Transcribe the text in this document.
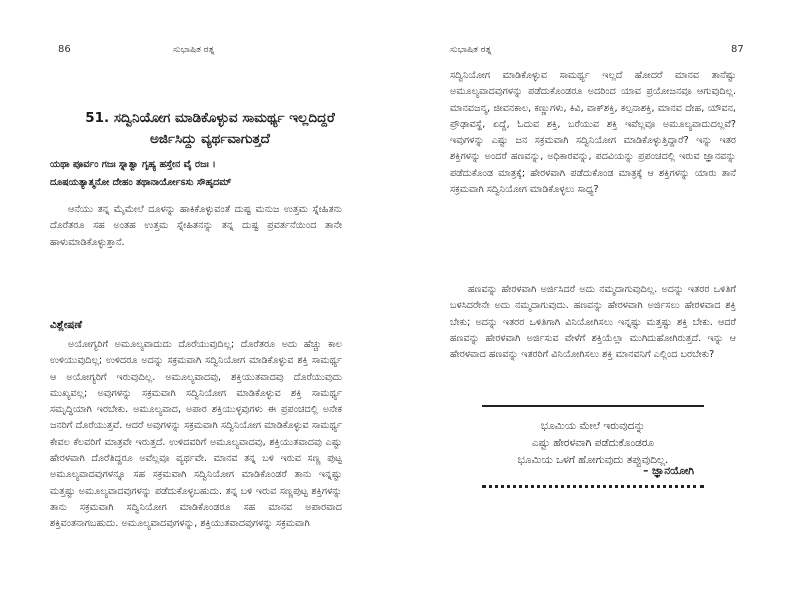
86	ಸುಭಾಷಿತ ರತ್ನ
51. ಸದ್ವಿನಿಯೋಗ ಮಾಡಿಕೊಳ್ಳುವ ಸಾಮರ್ಥ್ಯ ಇಲ್ಲದಿದ್ದರೆ
ಅರ್ಜಿಸಿದ್ದು ವ್ಯರ್ಥವಾಗುತ್ತದೆ
ಯಥಾ ಪೂರ್ವಂ ಗಜಃ ಸ್ನಾತ್ವಾ ಗೃಹ್ಯ ಹಸ್ತೇನ ವೈ ರಜಃ ।
ದೂಷಯತ್ಯಾತ್ಮನೋ ದೇಹಂ ತಥಾನಾರ್ಯೋಽಸು ಸೌಹೃದಮ್

ಆನೆಯು ತನ್ನ ಮೈಮೇಲೆ ದೂಳನ್ನು ಹಾಕಿಕೊಳ್ಳುವಂತೆ ದುಷ್ಟ ಮನುಜ ಉತ್ತಮ ಸ್ನೇಹಿತನು ದೊರೆತರೂ ಸಹ ಅಂತಹ ಉತ್ತಮ ಸ್ನೇಹಿತನನ್ನು ತನ್ನ ದುಷ್ಟ ಪ್ರವರ್ತನೆಯಿಂದ ತಾನೇ ಹಾಳುಮಾಡಿಕೊಳ್ಳುತ್ತಾನೆ.

ವಿಶ್ಲೇಷಣೆ

ಅಯೋಗ್ಯರಿಗೆ ಅಮೂಲ್ಯವಾದುದು ದೊರೆಯುವುದಿಲ್ಲ; ದೊರೆತರೂ ಅದು ಹೆಚ್ಚು ಕಾಲ ಉಳಿಯುವುದಿಲ್ಲ; ಉಳಿದರೂ ಅದನ್ನು ಸಕ್ರಮವಾಗಿ ಸದ್ವಿನಿಯೋಗ ಮಾಡಿಕೊಳ್ಳುವ ಶಕ್ತಿ ಸಾಮರ್ಥ್ಯ ಆ ಅಯೋಗ್ಯರಿಗೆ ಇರುವುದಿಲ್ಲ. ಅಮೂಲ್ಯವಾದವು, ಶಕ್ತಿಯುತವಾದವು ದೊರೆಯುವುದು ಮುಖ್ಯವಲ್ಲ; ಅವುಗಳನ್ನು ಸಕ್ರಮವಾಗಿ ಸದ್ವಿನಿಯೋಗ ಮಾಡಿಕೊಳ್ಳುವ ಶಕ್ತಿ ಸಾಮರ್ಥ್ಯ ಸಮೃದ್ಧಿಯಾಗಿ ಇರಬೇಕು. ಅಮೂಲ್ಯವಾದ, ಅಪಾರ ಶಕ್ತಿಯುಳ್ಳವುಗಳು ಈ ಪ್ರಪಂಚದಲ್ಲಿ ಅನೇಕ ಜನರಿಗೆ ದೊರೆಯುತ್ತವೆ. ಆದರೆ ಅವುಗಳನ್ನು ಸಕ್ರಮವಾಗಿ ಸದ್ವಿನಿಯೋಗ ಮಾಡಿಕೊಳ್ಳುವ ಸಾಮರ್ಥ್ಯ ಕೇವಲ ಕೆಲವರಿಗೆ ಮಾತ್ರವೇ ಇರುತ್ತದೆ. ಉಳಿದವರಿಗೆ ಅಮೂಲ್ಯವಾದವು, ಶಕ್ತಿಯುತವಾದವು ಎಷ್ಟು ಹೇರಳವಾಗಿ ದೊರೆತಿದ್ದರೂ ಅವೆಲ್ಲವೂ ವ್ಯರ್ಥವೇ. ಮಾನವ ತನ್ನ ಬಳಿ ಇರುವ ಸಣ್ಣ ಪುಟ್ಟ ಅಮೂಲ್ಯವಾದವುಗಳನ್ನೂ ಸಹ ಸಕ್ರಮವಾಗಿ ಸದ್ವಿನಿಯೋಗ ಮಾಡಿಕೊಂಡರೆ ತಾನು ಇನ್ನಷ್ಟು ಮತ್ತಷ್ಟು ಅಮೂಲ್ಯವಾದವುಗಳನ್ನು ಪಡೆದುಕೊಳ್ಳಬಹುದು. ತನ್ನ ಬಳಿ ಇರುವ ಸಣ್ಣಪುಟ್ಟ ಶಕ್ತಿಗಳನ್ನು ತಾನು ಸಕ್ರಮವಾಗಿ ಸದ್ವಿನಿಯೋಗ ಮಾಡಿಕೊಂಡರೂ ಸಹ ಮಾನವ ಅಪಾರವಾದ ಶಕ್ತಿವಂತನಾಗಬಹುದು. ಅಮೂಲ್ಯವಾದವುಗಳನ್ನು, ಶಕ್ತಿಯುತವಾದವುಗಳನ್ನು ಸಕ್ರಮವಾಗಿ

ಸುಭಾಷಿತ ರತ್ನ	87

ಸದ್ವಿನಿಯೋಗ ಮಾಡಿಕೊಳ್ಳುವ ಸಾಮರ್ಥ್ಯ ಇಲ್ಲದೆ ಹೋದರೆ ಮಾನವ ತಾನೆಷ್ಟು ಅಮೂಲ್ಯವಾದವುಗಳನ್ನು ಪಡೆದುಕೊಂಡರೂ ಅದರಿಂದ ಯಾವ ಪ್ರಯೋಜನವೂ ಆಗುವುದಿಲ್ಲ. ಮಾನವಜನ್ಮ, ಜೀವನಕಾಲ, ಕಣ್ಣುಗಳು, ಕಿವಿ, ವಾಕ್‌ಶಕ್ತಿ, ಕಲ್ಪನಾಶಕ್ತಿ, ಮಾನವ ದೇಹ, ಯೌವನ, ಪ್ರೌಢಾವಸ್ಥೆ, ಏದ್ದೆ, ಓದುವ ಶಕ್ತಿ, ಬರೆಯುವ ಶಕ್ತಿ ಇವೆಲ್ಲವೂ ಅಮೂಲ್ಯವಾದುದಲ್ಲವೆ? ಇವುಗಳನ್ನು ಎಷ್ಟು ಜನ ಸಕ್ರಮವಾಗಿ ಸದ್ವಿನಿಯೋಗ ಮಾಡಿಕೊಳ್ಳುತ್ತಿದ್ದಾರೆ? ಇನ್ನು ಇತರ ಶಕ್ತಿಗಳನ್ನು ಅಂದರೆ ಹಣವನ್ನು, ಅಧಿಕಾರವನ್ನು, ಪದವಿಯನ್ನು ಪ್ರಪಂಚದಲ್ಲಿ ಇರುವ ಜ್ಞಾನವನ್ನು ಪಡೆದುಕೊಂಡ ಮಾತ್ರಕ್ಕೆ; ಹೇರಳವಾಗಿ ಪಡೆದುಕೊಂಡ ಮಾತ್ರಕ್ಕೆ ಆ ಶಕ್ತಿಗಳನ್ನು ಯಾರು ತಾನೆ ಸಕ್ರಮವಾಗಿ ಸದ್ವಿನಿಯೋಗ ಮಾಡಿಕೊಳ್ಳಲು ಸಾಧ್ಯ?

ಹಣವನ್ನು ಹೇರಳವಾಗಿ ಅರ್ಜಿಸಿದರೆ ಅದು ನಮ್ಮದಾಗುವುದಿಲ್ಲ. ಅದನ್ನು ಇತರರ ಒಳಿತಿಗೆ ಬಳಸಿದರೇನೇ ಅದು ನಮ್ಮದಾಗುವುದು. ಹಣವನ್ನು ಹೇರಳವಾಗಿ ಅರ್ಜಿಸಲು ಹೇರಳವಾದ ಶಕ್ತಿ ಬೇಕು; ಅದನ್ನು ಇತರರ ಒಳಿತಿಗಾಗಿ ವಿನಿಯೋಗಿಸಲು ಇನ್ನಷ್ಟು ಮತ್ತಷ್ಟು ಶಕ್ತಿ ಬೇಕು. ಆದರೆ ಹಣವನ್ನು ಹೇರಳವಾಗಿ ಅರ್ಜಿಸುವ ವೇಳೆಗೆ ಶಕ್ತಿಯೆಲ್ಲಾ ಮುಗಿದುಹೋಗಿರುತ್ತದೆ. ಇನ್ನು ಆ ಹೇರಳವಾದ ಹಣವನ್ನು ಇತರರಿಗೆ ವಿನಿಯೋಗಿಸಲು ಶಕ್ತಿ ಮಾನವನಿಗೆ ಎಲ್ಲಿಂದ ಬರಬೇಕು?

ಭೂಮಿಯ ಮೇಲೆ ಇರುವುದನ್ನು
ಎಷ್ಟು ಹೇರಳವಾಗಿ ಪಡೆದುಕೊಂಡರೂ
ಭೂಮಿಯ ಒಳಗೆ ಹೋಗುವುದು ತಪ್ಪುವುದಿಲ್ಲ.
– ಜ್ಞಾನಯೋಗಿ
